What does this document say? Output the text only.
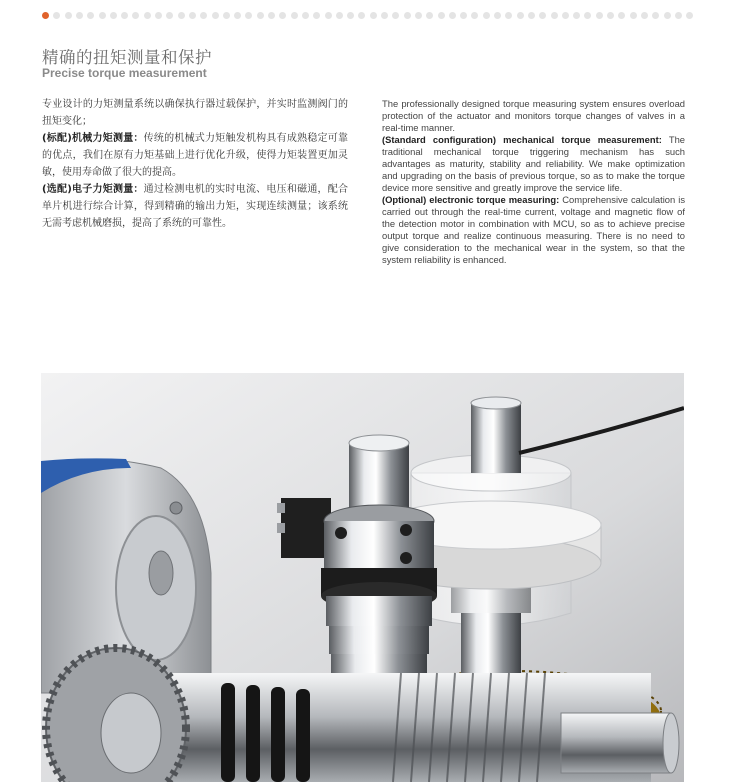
精确的扭矩测量和保护
Precise torque measurement

专业设计的力矩测量系统以确保执行器过载保护，并实时监测阀门的扭矩变化；

(标配)机械力矩测量：传统的机械式力矩触发机构具有成熟稳定可靠的优点，我们在原有力矩基础上进行优化升级，使得力矩装置更加灵敏，使用寿命做了很大的提高。

(选配)电子力矩测量：通过检测电机的实时电流、电压和磁通，配合单片机进行综合计算，得到精确的输出力矩，实现连续测量；该系统无需考虑机械磨损，提高了系统的可靠性。

The professionally designed torque measuring system ensures overload protection of the actuator and monitors torque changes of valves in a real-time manner.

(Standard configuration) mechanical torque measurement: The traditional mechanical torque triggering mechanism has such advantages as maturity, stability and reliability. We make optimization and upgrading on the basis of previous torque, so as to make the torque device more sensitive and greatly improve the service life.

(Optional) electronic torque measuring: Comprehensive calculation is carried out through the real-time current, voltage and magnetic flow of the detection motor in combination with MCU, so as to achieve precise output torque and realize continuous measuring. There is no need to give consideration to the mechanical wear in the system, so that the system reliability is enhanced.
